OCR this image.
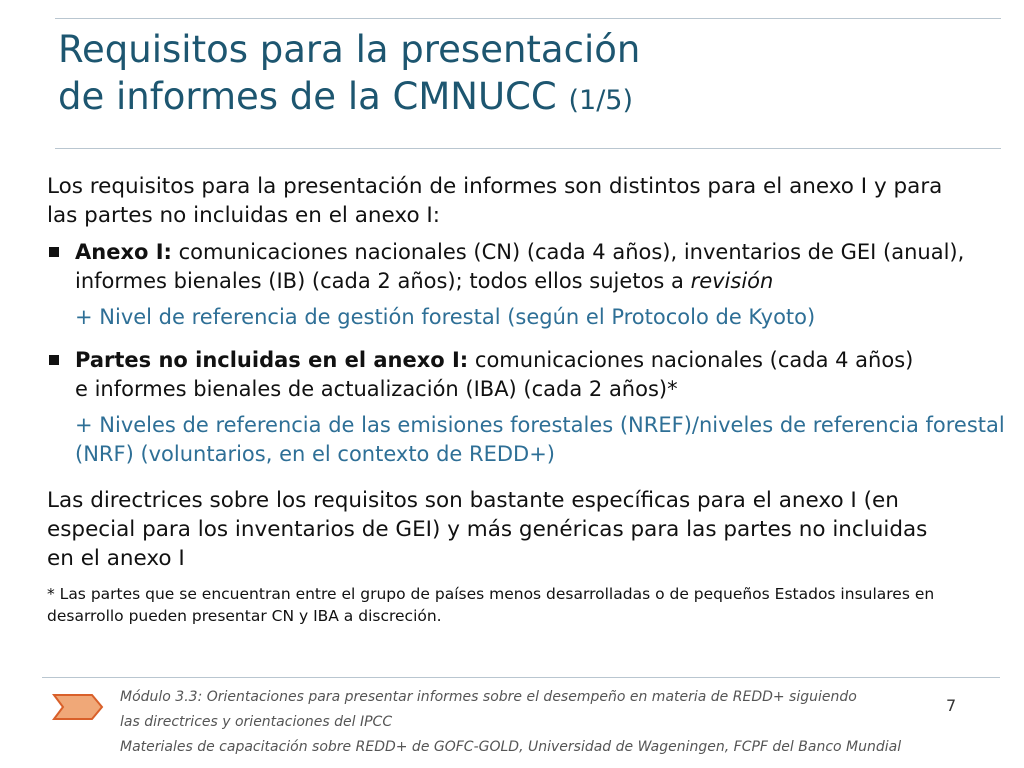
Requisitos para la presentación
de informes de la CMNUCC (1/5)

Los requisitos para la presentación de informes son distintos para el anexo I y para las partes no incluidas en el anexo I:

Anexo I: comunicaciones nacionales (CN) (cada 4 años), inventarios de GEI (anual), informes bienales (IB) (cada 2 años); todos ellos sujetos a revisión

+ Nivel de referencia de gestión forestal (según el Protocolo de Kyoto)

Partes no incluidas en el anexo I: comunicaciones nacionales (cada 4 años) e informes bienales de actualización (IBA) (cada 2 años)*

+ Niveles de referencia de las emisiones forestales (NREF)/niveles de referencia forestal (NRF) (voluntarios, en el contexto de REDD+)

Las directrices sobre los requisitos son bastante específicas para el anexo I (en especial para los inventarios de GEI) y más genéricas para las partes no incluidas en el anexo I

* Las partes que se encuentran entre el grupo de países menos desarrolladas o de pequeños Estados insulares en desarrollo pueden presentar CN y IBA a discreción.

Módulo 3.3: Orientaciones para presentar informes sobre el desempeño en materia de REDD+ siguiendo
las directrices y orientaciones del IPCC
Materiales de capacitación sobre REDD+ de GOFC-GOLD, Universidad de Wageningen, FCPF del Banco Mundial
7
